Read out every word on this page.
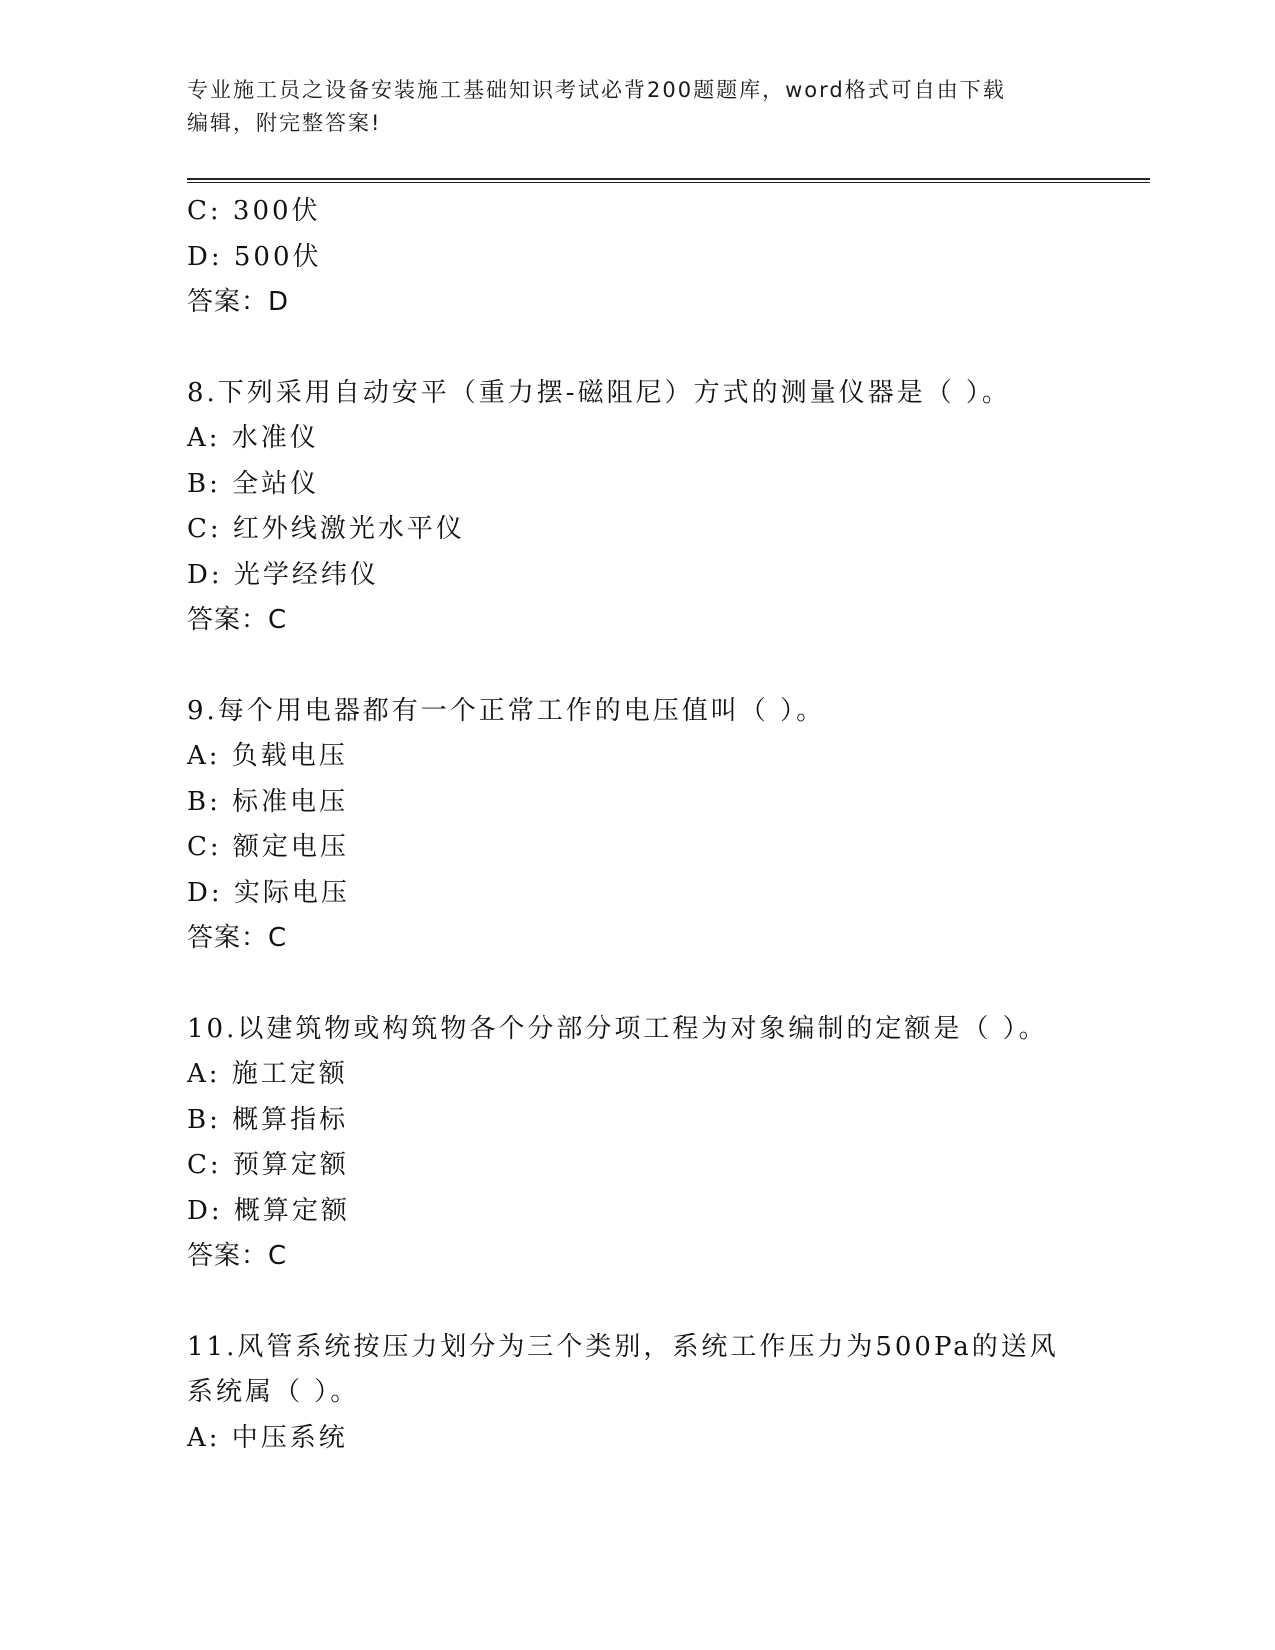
专业施工员之设备安装施工基础知识考试必背200题题库，word格式可自由下载
编辑，附完整答案!
C: 300伏
D: 500伏
答案：D
8.下列采用自动安平（重力摆-磁阻尼）方式的测量仪器是（ ）。
A: 水准仪
B: 全站仪
C: 红外线激光水平仪
D: 光学经纬仪
答案：C
9.每个用电器都有一个正常工作的电压值叫（ ）。
A: 负载电压
B: 标准电压
C: 额定电压
D: 实际电压
答案：C
10.以建筑物或构筑物各个分部分项工程为对象编制的定额是（ ）。
A: 施工定额
B: 概算指标
C: 预算定额
D: 概算定额
答案：C
11.风管系统按压力划分为三个类别，系统工作压力为500Pa的送风系统属（ ）。
A: 中压系统
